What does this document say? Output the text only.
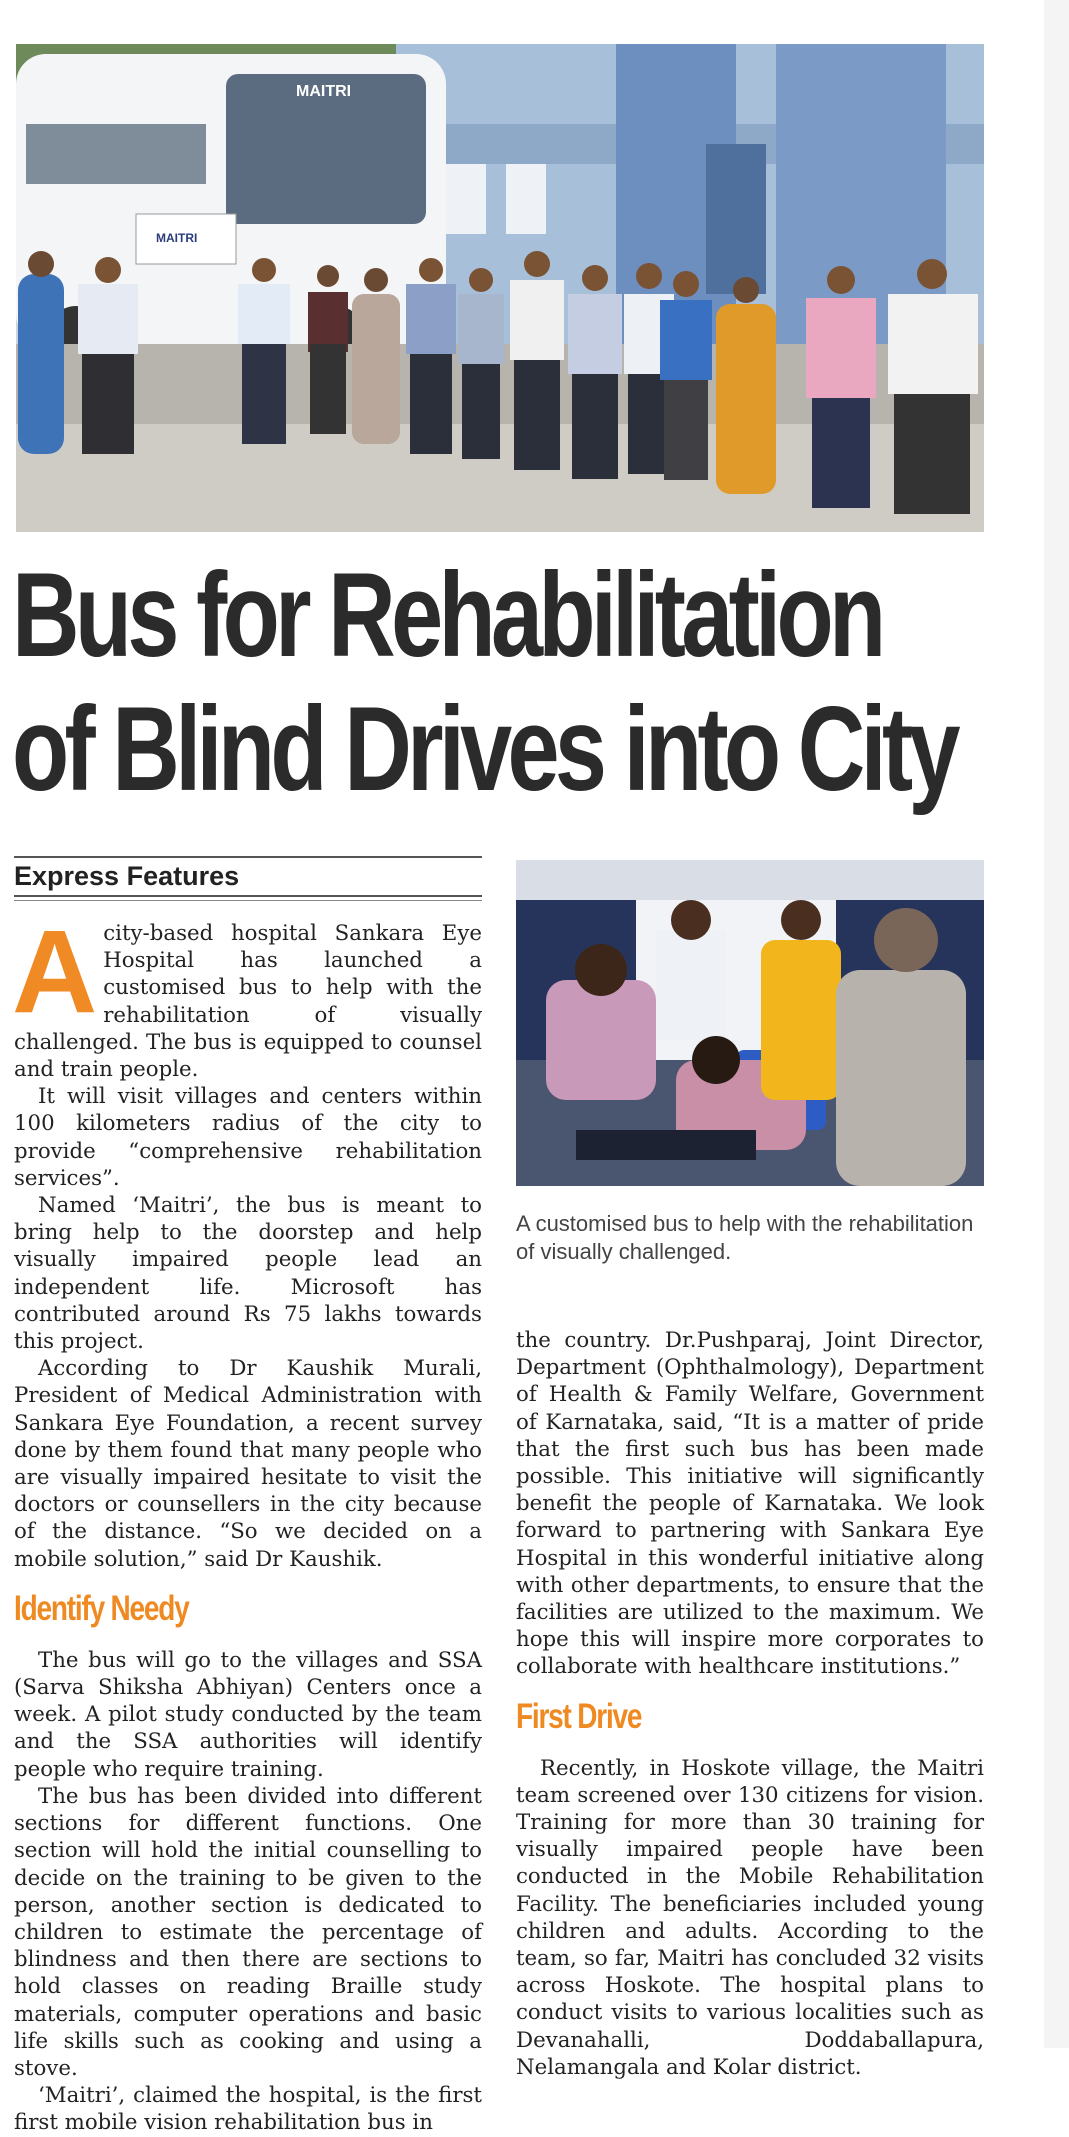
MAITRI
MAITRI
Bus for Rehabilitation
of Blind Drives into City
Express Features
A customised bus to help with the rehabilitation of visually challenged.

Acity-based hospital Sankara Eye Hospital has launched a customised bus to help with the rehabilitation of visually challenged. The bus is equipped to counsel and train people.

It will visit villages and centers within 100 kilometers radius of the city to provide “comprehensive rehabilitation services”.

Named ‘Maitri’, the bus is meant to bring help to the doorstep and help visually impaired people lead an independent life. Microsoft has contributed around Rs 75 lakhs towards this project.

According to Dr Kaushik Murali, President of Medical Administration with Sankara Eye Foundation, a recent survey done by them found that many people who are visually impaired hesitate to visit the doctors or counsellers in the city because of the distance. “So we decided on a mobile solution,” said Dr Kaushik.

Identify Needy

The bus will go to the villages and SSA (Sarva Shiksha Abhiyan) Centers once a week. A pilot study conducted by the team and the SSA authorities will identify people who require training.

The bus has been divided into different sections for different functions. One section will hold the initial counselling to decide on the training to be given to the person, another section is dedicated to children to estimate the percentage of blindness and then there are sections to hold classes on reading Braille study materials, computer operations and basic life skills such as cooking and using a stove.

‘Maitri’, claimed the hospital, is the first first mobile vision rehabilitation bus in

the country. Dr.Pushparaj, Joint Director, Department (Ophthalmology), Department of Health & Family Welfare, Government of Karnataka, said, “It is a matter of pride that the first such bus has been made possible. This initiative will significantly benefit the people of Karnataka. We look forward to partnering with Sankara Eye Hospital in this wonderful initiative along with other departments, to ensure that the facilities are utilized to the maximum. We hope this will inspire more corporates to collaborate with healthcare institutions.”

First Drive

Recently, in Hoskote village, the Maitri team screened over 130 citizens for vision. Training for more than 30 training for visually impaired people have been conducted in the Mobile Rehabilitation Facility. The beneficiaries included young children and adults. According to the team, so far, Maitri has concluded 32 visits across Hoskote. The hospital plans to conduct visits to various localities such as Devanahalli, Doddaballapura, Nelamangala and Kolar district.
